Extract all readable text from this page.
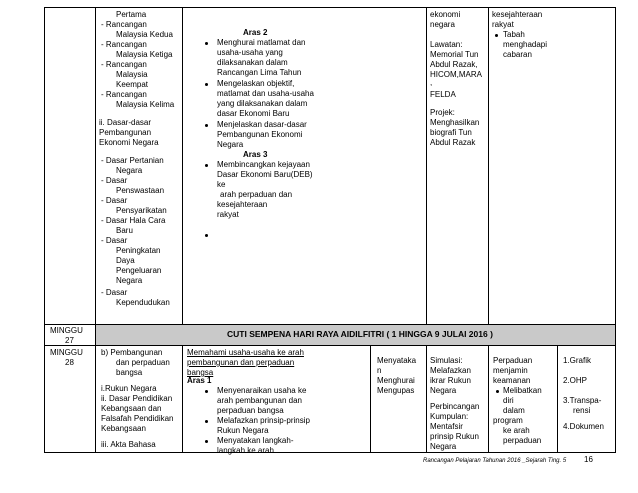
Pertama
- Rancangan
Malaysia Kedua
- Rancangan
Malaysia Ketiga
- Rancangan
Malaysia
Keempat
- Rancangan
Malaysia Kelima
ii. Dasar-dasar
Pembangunan
Ekonomi Negara
- Dasar Pertanian
Negara
- Dasar
Penswastaan
- Dasar
Pensyarikatan
- Dasar Hala Cara
Baru
- Dasar
Peningkatan
Daya
Pengeluaran
Negara
- Dasar
Kependudukan
Aras 2
Menghurai matlamat dan
usaha-usaha yang
dilaksanakan dalam
Rancangan Lima Tahun
Mengelaskan objektif,
matlamat dan usaha-usaha
yang dilaksanakan dalam
dasar Ekonomi Baru
Menjelaskan dasar-dasar
Pembangunan Ekonomi
Negara
Aras 3
Membincangkan kejayaan
Dasar Ekonomi Baru(DEB)
ke
arah perpaduan dan
kesejahteraan
rakyat
ekonomi
negara
Lawatan:
Memorial Tun
Abdul Razak,
HICOM,MARA
,
FELDA
Projek:
Menghasilkan
biografi Tun
Abdul Razak
kesejahteraan
rakyat
Tabah
menghadapi
cabaran
MINGGU
27
CUTI SEMPENA HARI RAYA AIDILFITRI ( 1 HINGGA 9 JULAI 2016 )
MINGGU
28
b) Pembangunan
dan perpaduan
bangsa
i.Rukun Negara
ii. Dasar Pendidikan
Kebangsaan dan
Falsafah Pendidikan
Kebangsaan
iii. Akta Bahasa
Memahami usaha-usaha ke arah
pembangunan dan perpaduan
bangsa
Aras 1
Menyenaraikan usaha ke
arah pembangunan dan
perpaduan bangsa
Melafazkan prinsip-prinsip
Rukun Negara
Menyatakan langkah-
langkah ke arah
Menyataka
n
Menghurai
Mengupas
Simulasi:
Melafazkan
ikrar Rukun
Negara
Perbincangan
Kumpulan:
Mentafsir
prinsip Rukun
Negara
Perpaduan
menjamin
keamanan
Melibatkan
diri
dalam
program
ke arah
perpaduan
1.Grafik
2.OHP
3.Transpa-
rensi
4.Dokumen
Rancangan Pelajaran Tahunan 2016 _Sejarah Ting. 5 16
